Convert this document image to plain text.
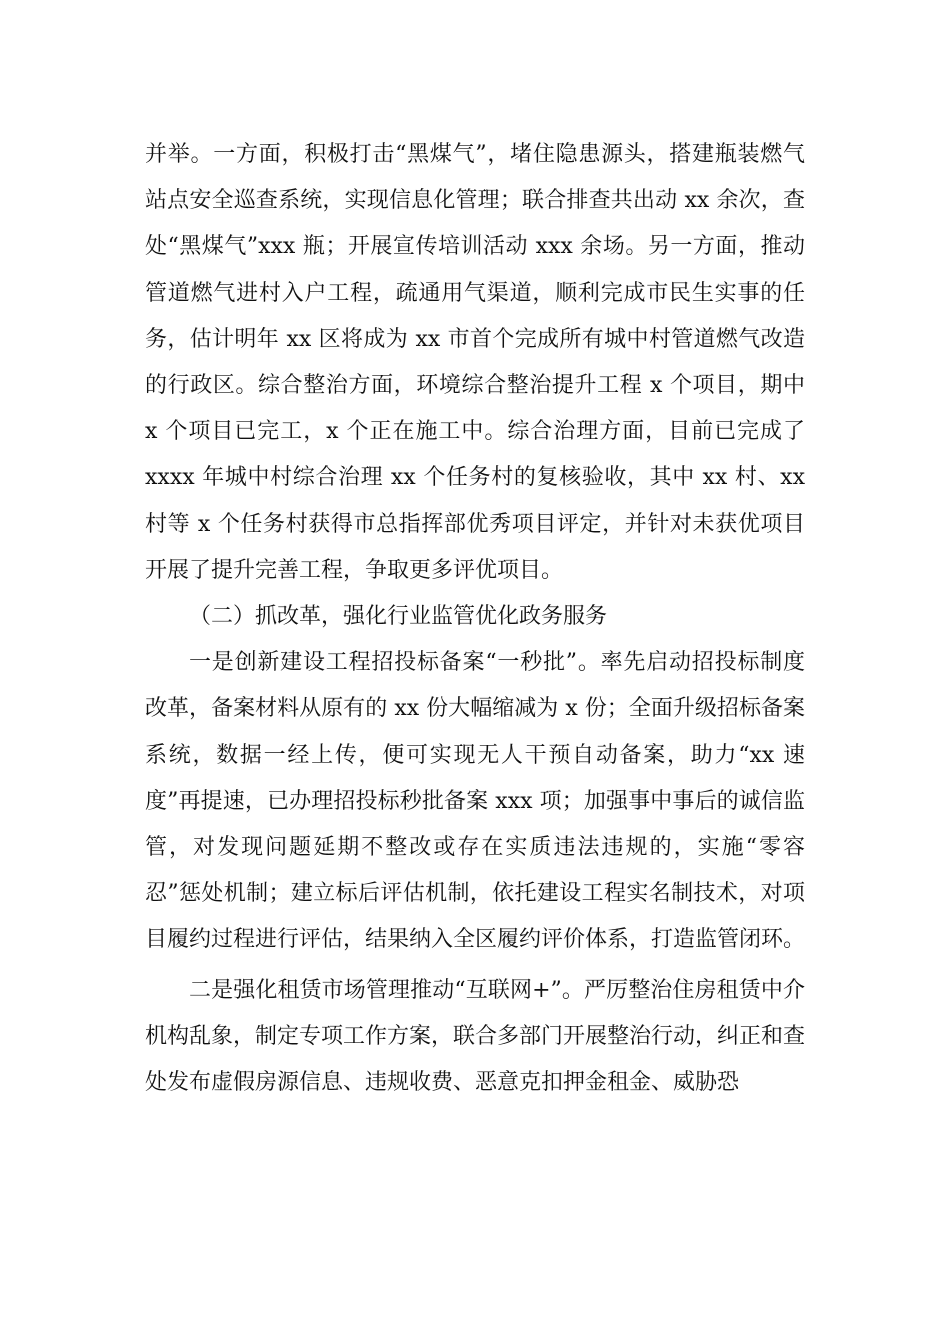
并举。一方面，积极打击“黑煤气”，堵住隐患源头，搭建瓶装燃气站点安全巡查系统，实现信息化管理；联合排查共出动 xx 余次，查处“黑煤气”xxx 瓶；开展宣传培训活动 xxx 余场。另一方面，推动管道燃气进村入户工程，疏通用气渠道，顺利完成市民生实事的任务，估计明年 xx 区将成为 xx 市首个完成所有城中村管道燃气改造的行政区。综合整治方面，环境综合整治提升工程 x 个项目，期中 x 个项目已完工，x 个正在施工中。综合治理方面，目前已完成了 xxxx 年城中村综合治理 xx 个任务村的复核验收，其中 xx 村、xx 村等 x 个任务村获得市总指挥部优秀项目评定，并针对未获优项目开展了提升完善工程，争取更多评优项目。

（二）抓改革，强化行业监管优化政务服务

一是创新建设工程招投标备案“一秒批”。率先启动招投标制度改革，备案材料从原有的 xx 份大幅缩减为 x 份；全面升级招标备案系统，数据一经上传，便可实现无人干预自动备案，助力“xx 速度”再提速，已办理招投标秒批备案 xxx 项；加强事中事后的诚信监管，对发现问题延期不整改或存在实质违法违规的，实施“零容忍”惩处机制；建立标后评估机制，依托建设工程实名制技术，对项目履约过程进行评估，结果纳入全区履约评价体系，打造监管闭环。

二是强化租赁市场管理推动“互联网+”。严厉整治住房租赁中介机构乱象，制定专项工作方案，联合多部门开展整治行动，纠正和查处发布虚假房源信息、违规收费、恶意克扣押金租金、威胁恐
